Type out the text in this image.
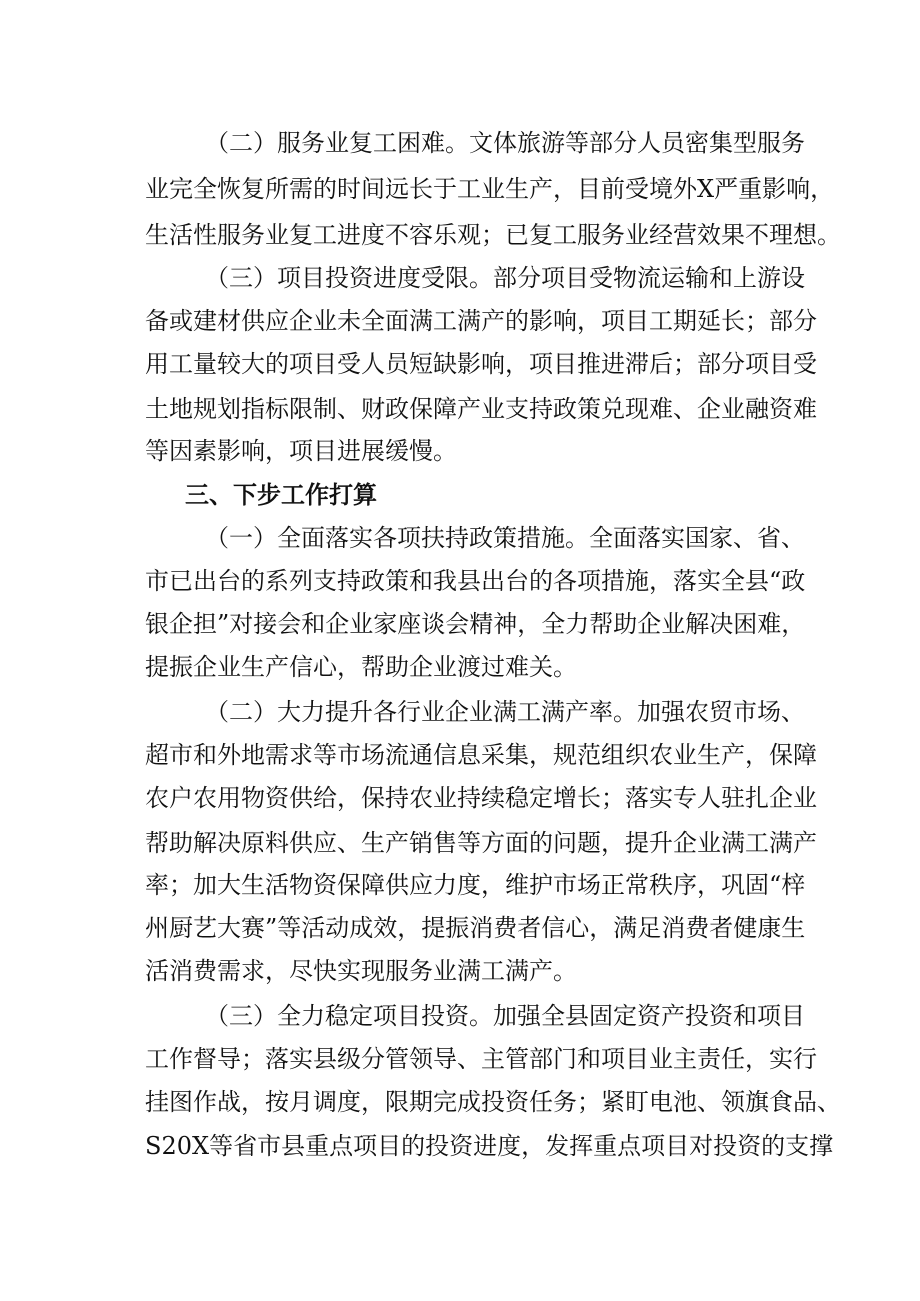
（二）服务业复工困难。文体旅游等部分人员密集型服务
业完全恢复所需的时间远长于工业生产，目前受境外X严重影响，
生活性服务业复工进度不容乐观；已复工服务业经营效果不理想。
（三）项目投资进度受限。部分项目受物流运输和上游设
备或建材供应企业未全面满工满产的影响，项目工期延长；部分
用工量较大的项目受人员短缺影响，项目推进滞后；部分项目受
土地规划指标限制、财政保障产业支持政策兑现难、企业融资难
等因素影响，项目进展缓慢。
三、下步工作打算
（一）全面落实各项扶持政策措施。全面落实国家、省、
市已出台的系列支持政策和我县出台的各项措施，落实全县“政
银企担”对接会和企业家座谈会精神，全力帮助企业解决困难，
提振企业生产信心，帮助企业渡过难关。
（二）大力提升各行业企业满工满产率。加强农贸市场、
超市和外地需求等市场流通信息采集，规范组织农业生产，保障
农户农用物资供给，保持农业持续稳定增长；落实专人驻扎企业
帮助解决原料供应、生产销售等方面的问题，提升企业满工满产
率；加大生活物资保障供应力度，维护市场正常秩序，巩固“梓
州厨艺大赛”等活动成效，提振消费者信心，满足消费者健康生
活消费需求，尽快实现服务业满工满产。
（三）全力稳定项目投资。加强全县固定资产投资和项目
工作督导；落实县级分管领导、主管部门和项目业主责任，实行
挂图作战，按月调度，限期完成投资任务；紧盯电池、领旗食品、
S20X等省市县重点项目的投资进度，发挥重点项目对投资的支撑
